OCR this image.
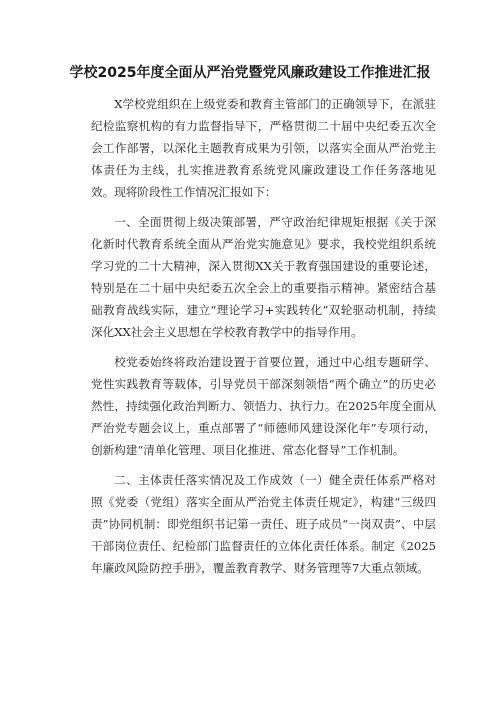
学校2025年度全面从严治党暨党风廉政建设工作推进汇报

X学校党组织在上级党委和教育主管部门的正确领导下，在派驻纪检监察机构的有力监督指导下，严格贯彻二十届中央纪委五次全会工作部署，以深化主题教育成果为引领，以落实全面从严治党主体责任为主线，扎实推进教育系统党风廉政建设工作任务落地见效。现将阶段性工作情况汇报如下：

一、全面贯彻上级决策部署，严守政治纪律规矩根据《关于深化新时代教育系统全面从严治党实施意见》要求，我校党组织系统学习党的二十大精神，深入贯彻XX关于教育强国建设的重要论述，特别是在二十届中央纪委五次全会上的重要指示精神。紧密结合基础教育战线实际，建立“理论学习+实践转化”双轮驱动机制，持续深化XX社会主义思想在学校教育教学中的指导作用。

校党委始终将政治建设置于首要位置，通过中心组专题研学、党性实践教育等载体，引导党员干部深刻领悟“两个确立”的历史必然性，持续强化政治判断力、领悟力、执行力。在2025年度全面从严治党专题会议上，重点部署了“师德师风建设深化年”专项行动，创新构建“清单化管理、项目化推进、常态化督导”工作机制。

二、主体责任落实情况及工作成效（一）健全责任体系严格对照《党委（党组）落实全面从严治党主体责任规定》，构建“三级四责”协同机制：即党组织书记第一责任、班子成员“一岗双责”、中层干部岗位责任、纪检部门监督责任的立体化责任体系。制定《2025年廉政风险防控手册》，覆盖教育教学、财务管理等7大重点领域。
